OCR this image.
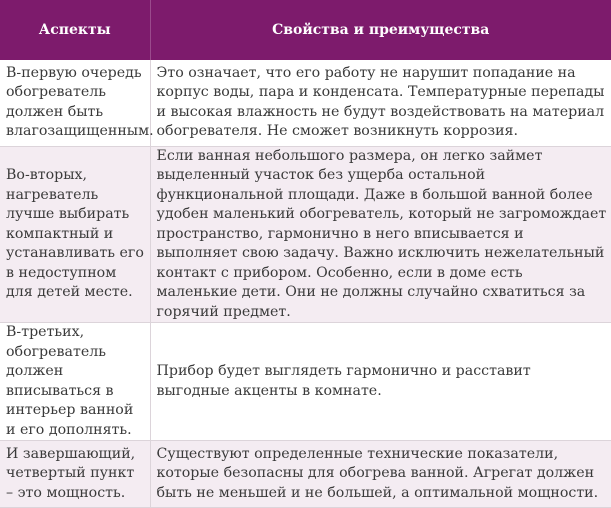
Аспекты	Свойства и преимущества
В-первую очередь обогреватель должен быть влагозащищенным.	Это означает, что его работу не нарушит попадание на корпус воды, пара и конденсата. Температурные перепады и высокая влажность не будут воздействовать на материал обогревателя. Не сможет возникнуть коррозия.
Во-вторых, нагреватель лучше выбирать компактный и устанавливать его в недоступном для детей месте.	Если ванная небольшого размера, он легко займет выделенный участок без ущерба остальной функциональной площади. Даже в большой ванной более удобен маленький обогреватель, который не загромождает пространство, гармонично в него вписывается и выполняет свою задачу. Важно исключить нежелательный контакт с прибором. Особенно, если в доме есть маленькие дети. Они не должны случайно схватиться за горячий предмет.
В-третьих, обогреватель должен вписываться в интерьер ванной и его дополнять.	Прибор будет выглядеть гармонично и расставит выгодные акценты в комнате.
И завершающий, четвертый пункт – это мощность.	Существуют определенные технические показатели, которые безопасны для обогрева ванной. Агрегат должен быть не меньшей и не большей, а оптимальной мощности.
